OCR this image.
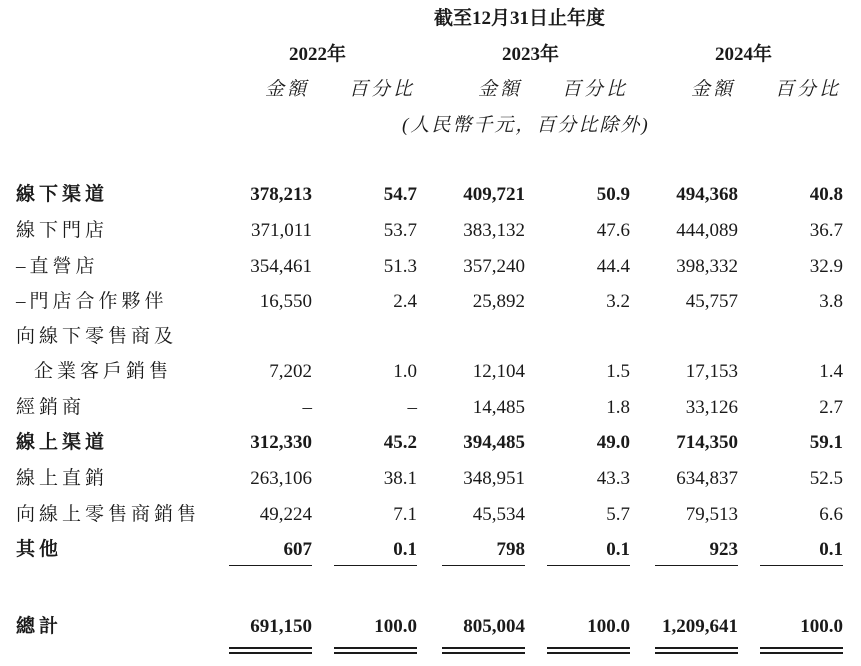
截至12月31日止年度
2022年	2023年	2024年
金額 百分比	金額 百分比	金額 百分比
(人民幣千元，百分比除外)
線下渠道	378,213	54.7 409,721	50.9 494,368	40.8
線下門店	371,011	53.7 383,132	47.6 444,089	36.7
–直營店	354,461	51.3 357,240	44.4 398,332	32.9
–門店合作夥伴	16,550	2.4	25,892	3.2	45,757	3.8
向線下零售商及
企業客戶銷售	7,202	1.0	12,104	1.5	17,153	1.4
經銷商	–	–	14,485	1.8	33,126	2.7
線上渠道	312,330	45.2 394,485	49.0 714,350	59.1
線上直銷	263,106	38.1 348,951	43.3 634,837	52.5
向線上零售商銷售	49,224	7.1	45,534	5.7	79,513	6.6
其他	607	0.1	798	0.1	923	0.1
總計	691,150	100.0 805,004	100.0 1,209,641	100.0
